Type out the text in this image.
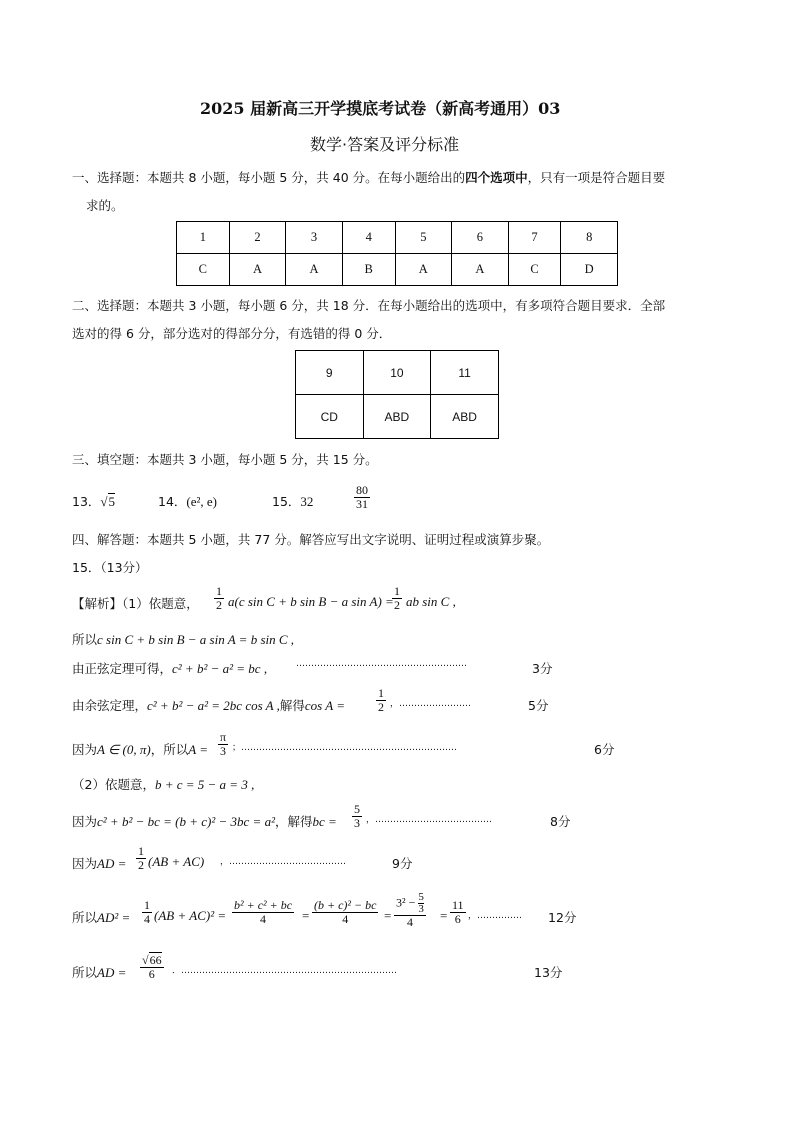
2025 届新高三开学摸底考试卷（新高考通用）03
数学·答案及评分标准
一、选择题：本题共 8 小题，每小题 5 分，共 40 分。在每小题给出的四个选项中，只有一项是符合题目要
求的。
1	2	3	4	5	6	7	8
C	A	A	B	A	A	C	D
二、选择题：本题共 3 小题，每小题 6 分，共 18 分．在每小题给出的选项中，有多项符合题目要求．全部
选对的得 6 分，部分选对的得部分分，有选错的得 0 分．
9	10	11
CD	ABD	ABD
三、填空题：本题共 3 小题，每小题 5 分，共 15 分。
13．√5	14．(e², e)	15．32	$\frac{80}{31}$
四、解答题：本题共 5 小题，共 77 分。解答应写出文字说明、证明过程或演算步聚。
15．（13分）
【解析】（1）依题意， $\frac{1}{2} a(c$ sin C + b sin B − a sin A) =
$\frac{1}{2}$ ab sin C ,
所以c sin C + b sin B − a sin A = b sin C ,
由正弦定理可得，c² + b² − a² = bc ,	…………………………………………………	3分
由余弦定理，c² + b² − a² = 2bc cos A ,解得cos A =	$\frac{1}{2}$ ，……………………	5分
因为A ∈ (0, π)，所以$A = \frac{\pi}{3}$ ；………………………………………………………………	6分
（2）依题意，b + c = 5 − a = 3 ,
因为c² + b² − bc = (b + c)² − 3bc = a²，解得bc = $\frac{5}{3}$ ，…………………………………	8分
因为AD = $\frac{1}{2} (AB + AC)$ ，…………………………………	9分
所以$AD^2 = \frac{1}{4} (AB + AC)^2 = \frac{\text{b² + c² + bc}}{4} = \frac{\text{(b + c)² − bc}}{4} = \frac{3^2 - \frac{5}{3}}{4} = \frac{11}{6}$ ，…………… 12分
所以AD = $\frac{√66}{6}$ ．………………………………………………………………	13分
